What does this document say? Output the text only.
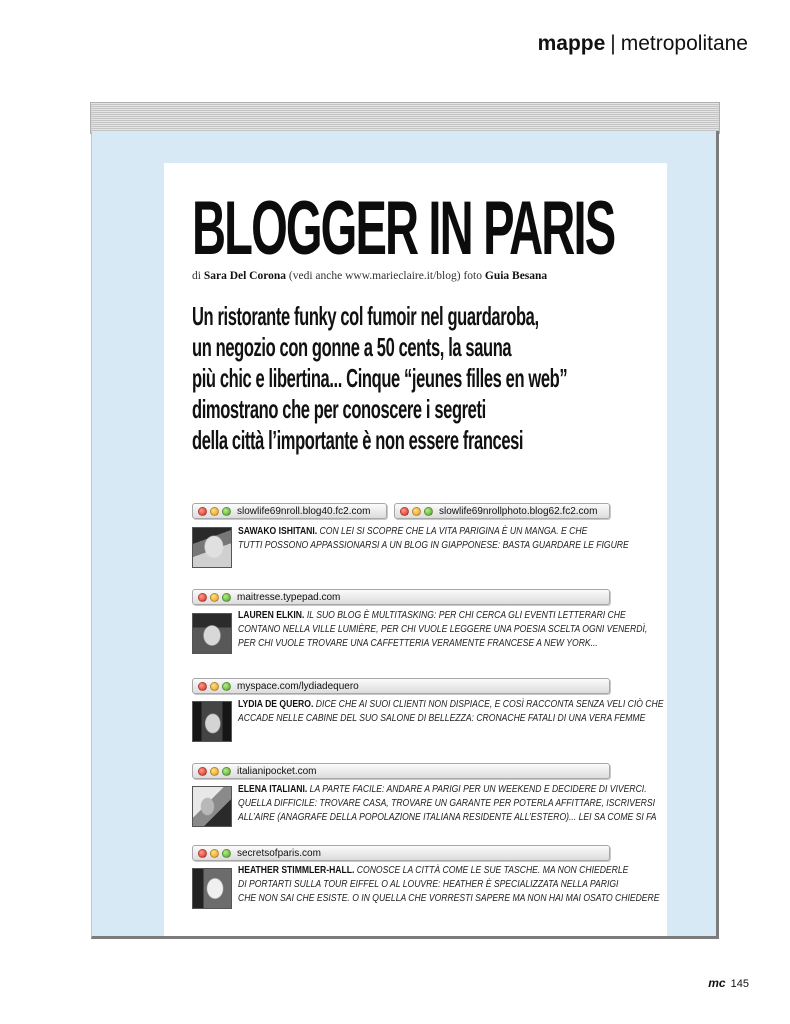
mappe | metropolitane
BLOGGER IN PARIS
di Sara Del Corona (vedi anche www.marieclaire.it/blog) foto Guia Besana

Un ristorante funky col fumoir nel guardaroba,
un negozio con gonne a 50 cents, la sauna
più chic e libertina... Cinque “jeunes filles en web”
dimostrano che per conoscere i segreti
della città l’importante è non essere francesi

slowlife69nroll.blog40.fc2.com	slowlife69nrollphoto.blog62.fc2.com

SAWAKO ISHITANI. CON LEI SI SCOPRE CHE LA VITA PARIGINA È UN MANGA. E CHE
TUTTI POSSONO APPASSIONARSI A UN BLOG IN GIAPPONESE: BASTA GUARDARE LE FIGURE

maitresse.typepad.com

LAUREN ELKIN. IL SUO BLOG È MULTITASKING: PER CHI CERCA GLI EVENTI LETTERARI CHE
CONTANO NELLA VILLE LUMIÈRE, PER CHI VUOLE LEGGERE UNA POESIA SCELTA OGNI VENERDÌ,
PER CHI VUOLE TROVARE UNA CAFFETTERIA VERAMENTE FRANCESE A NEW YORK...

myspace.com/lydiadequero

LYDIA DE QUERO. DICE CHE AI SUOI CLIENTI NON DISPIACE, E COSÌ RACCONTA SENZA VELI CIÒ CHE
ACCADE NELLE CABINE DEL SUO SALONE DI BELLEZZA: CRONACHE FATALI DI UNA VERA FEMME

italianipocket.com

ELENA ITALIANI. LA PARTE FACILE: ANDARE A PARIGI PER UN WEEKEND E DECIDERE DI VIVERCI.
QUELLA DIFFICILE: TROVARE CASA, TROVARE UN GARANTE PER POTERLA AFFITTARE, ISCRIVERSI
ALL’AIRE (ANAGRAFE DELLA POPOLAZIONE ITALIANA RESIDENTE ALL’ESTERO)... LEI SA COME SI FA

secretsofparis.com

HEATHER STIMMLER-HALL. CONOSCE LA CITTÀ COME LE SUE TASCHE. MA NON CHIEDERLE
DI PORTARTI SULLA TOUR EIFFEL O AL LOUVRE: HEATHER È SPECIALIZZATA NELLA PARIGI
CHE NON SAI CHE ESISTE. O IN QUELLA CHE VORRESTI SAPERE MA NON HAI MAI OSATO CHIEDERE

mc 145
